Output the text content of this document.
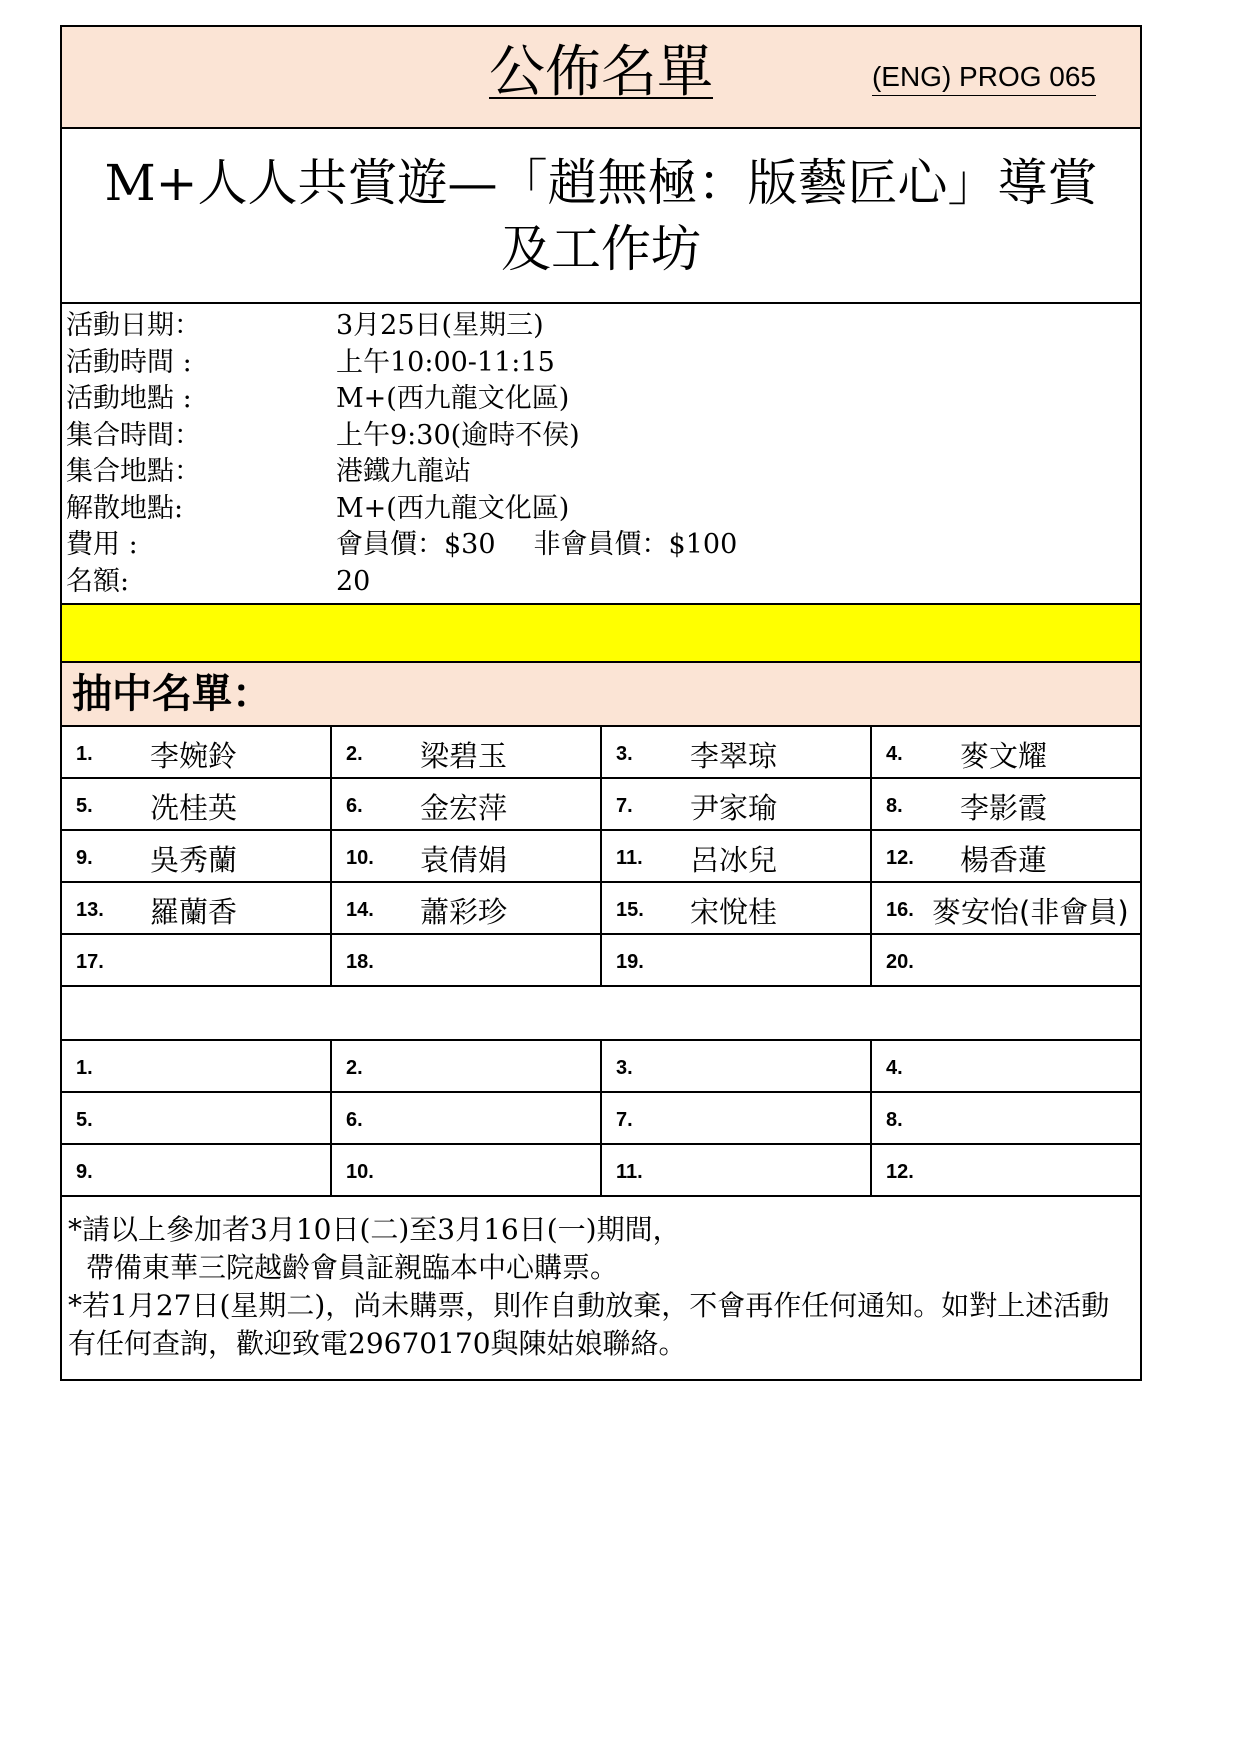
公佈名單	(ENG) PROG 065
M+人人共賞遊—「趙無極：版藝匠心」導賞
及工作坊
活動日期：	3月25日(星期三)
活動時間 :	上午10:00-11:15
活動地點 :	M+(西九龍文化區)
集合時間：	上午9:30(逾時不侯)
集合地點：	港鐵九龍站
解散地點:	M+(西九龍文化區)
費用 :	會員價：$30 非會員價：$100
名額:	20
抽中名單：
1. 李婉鈴	2. 梁碧玉	3. 李翠琼	4. 麥文耀
5. 冼桂英	6. 金宏萍	7. 尹家瑜	8. 李影霞
9. 吳秀蘭	10. 袁倩娟	11. 呂冰兒	12. 楊香蓮
13. 羅蘭香	14. 蕭彩珍	15. 宋悅桂	16. 麥安怡(非會員)
17.	18.	19.	20.
1.	2.	3.	4.
5.	6.	7.	8.
9.	10.	11.	12.

*請以上參加者3月10日(二)至3月16日(一)期間，

帶備東華三院越齡會員証親臨本中心購票。

*若1月27日(星期二)，尚未購票，則作自動放棄，不會再作任何通知。如對上述活動有任何查詢，歡迎致電29670170與陳姑娘聯絡。
